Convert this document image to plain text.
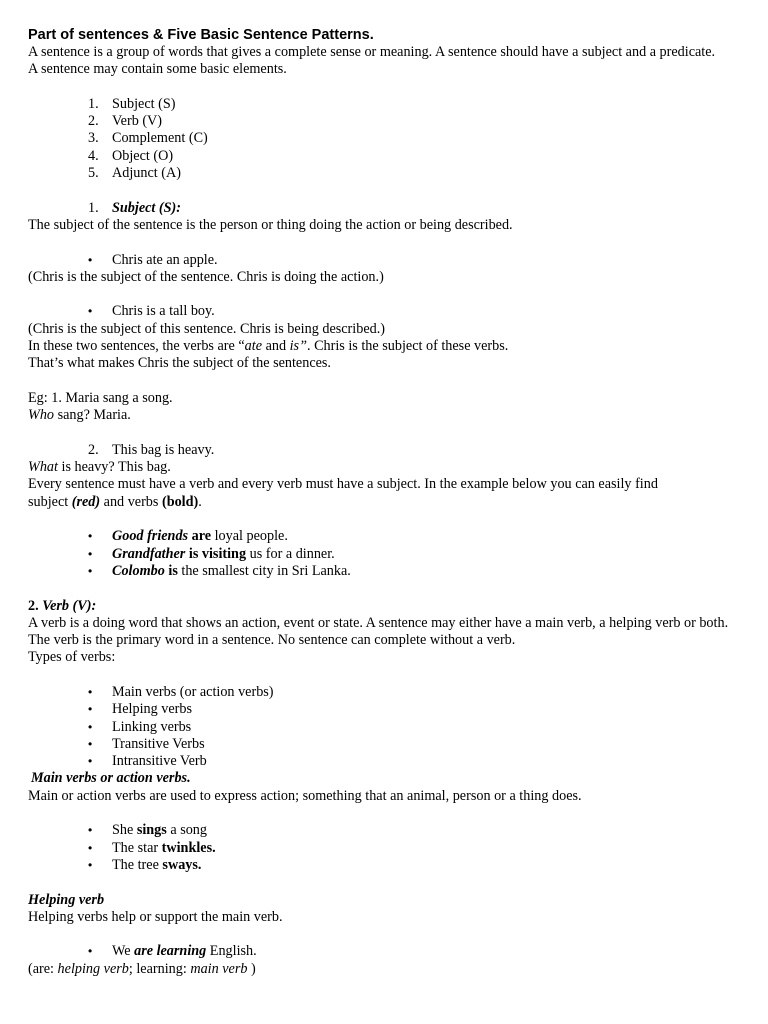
Part of sentences & Five Basic Sentence Patterns.

A sentence is a group of words that gives a complete sense or meaning. A sentence should have a subject and a predicate.

A sentence may contain some basic elements.

1. Subject (S)
2. Verb (V)
3. Complement (C)
4. Object (O)
5. Adjunct (A)
1. Subject (S):

The subject of the sentence is the person or thing doing the action or being described.

• Chris ate an apple.

(Chris is the subject of the sentence. Chris is doing the action.)

• Chris is a tall boy.

(Chris is the subject of this sentence. Chris is being described.)

In these two sentences, the verbs are “ate and is”. Chris is the subject of these verbs.

That’s what makes Chris the subject of the sentences.

Eg: 1. Maria sang a song.

Who sang? Maria.

2. This bag is heavy.

What is heavy? This bag.

Every sentence must have a verb and every verb must have a subject. In the example below you can easily find

subject (red) and verbs (bold).

• Good friends are loyal people.
• Grandfather is visiting us for a dinner.
• Colombo is the smallest city in Sri Lanka.

2. Verb (V):

A verb is a doing word that shows an action, event or state. A sentence may either have a main verb, a helping verb or both.

The verb is the primary word in a sentence. No sentence can complete without a verb.

Types of verbs:

• Main verbs (or action verbs)
• Helping verbs
• Linking verbs
• Transitive Verbs
• Intransitive Verb

Main verbs or action verbs.

Main or action verbs are used to express action; something that an animal, person or a thing does.

• She sings a song
• The star twinkles.
• The tree sways.

Helping verb

Helping verbs help or support the main verb.

• We are learning English.

(are: helping verb; learning: main verb )
